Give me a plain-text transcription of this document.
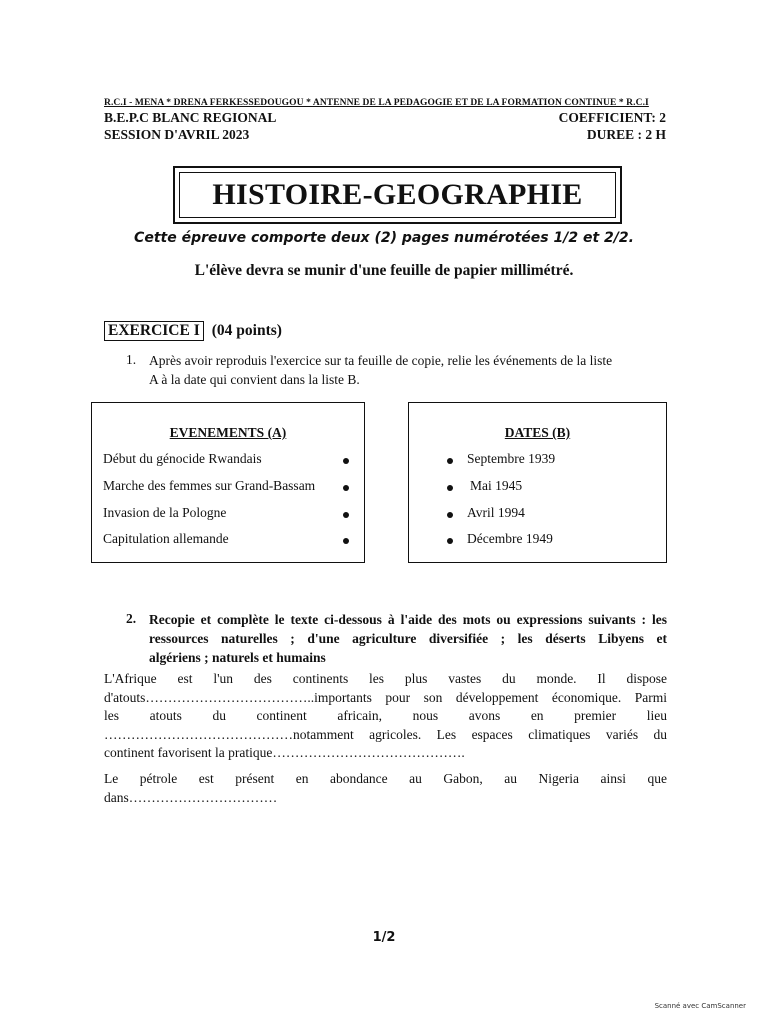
R.C.I - MENA * DRENA FERKESSEDOUGOU * ANTENNE DE LA PEDAGOGIE ET DE LA FORMATION CONTINUE * R.C.I
B.E.P.C BLANC REGIONAL	COEFFICIENT: 2
SESSION D'AVRIL 2023	DUREE : 2 H
HISTOIRE-GEOGRAPHIE
Cette épreuve comporte deux (2) pages numérotées 1/2 et 2/2.
L'élève devra se munir d'une feuille de papier millimétré.
EXERCICE I (04 points)
1. Après avoir reproduis l'exercice sur ta feuille de copie, relie les événements de la liste
A à la date qui convient dans la liste B.
EVENEMENTS (A)
Début du génocide Rwandais
Marche des femmes sur Grand-Bassam
Invasion de la Pologne
Capitulation allemande
DATES (B)
Septembre 1939
Mai 1945
Avril 1994
Décembre 1949
2. Recopie et complète le texte ci-dessous à l'aide des mots ou expressions suivants : les
ressources naturelles ; d'une agriculture diversifiée ; les déserts Libyens et
algériens ; naturels et humains
L'Afrique est l'un des continents les plus vastes du monde. Il dispose
d'atouts………………………………..importants pour son développement économique. Parmi
les atouts du continent africain, nous avons en premier lieu
……………………………………notamment agricoles. Les espaces climatiques variés du
continent favorisent la pratique…………………………………….
Le pétrole est présent en abondance au Gabon, au Nigeria ainsi que
dans……………………………
1/2
Scanné avec CamScanner
